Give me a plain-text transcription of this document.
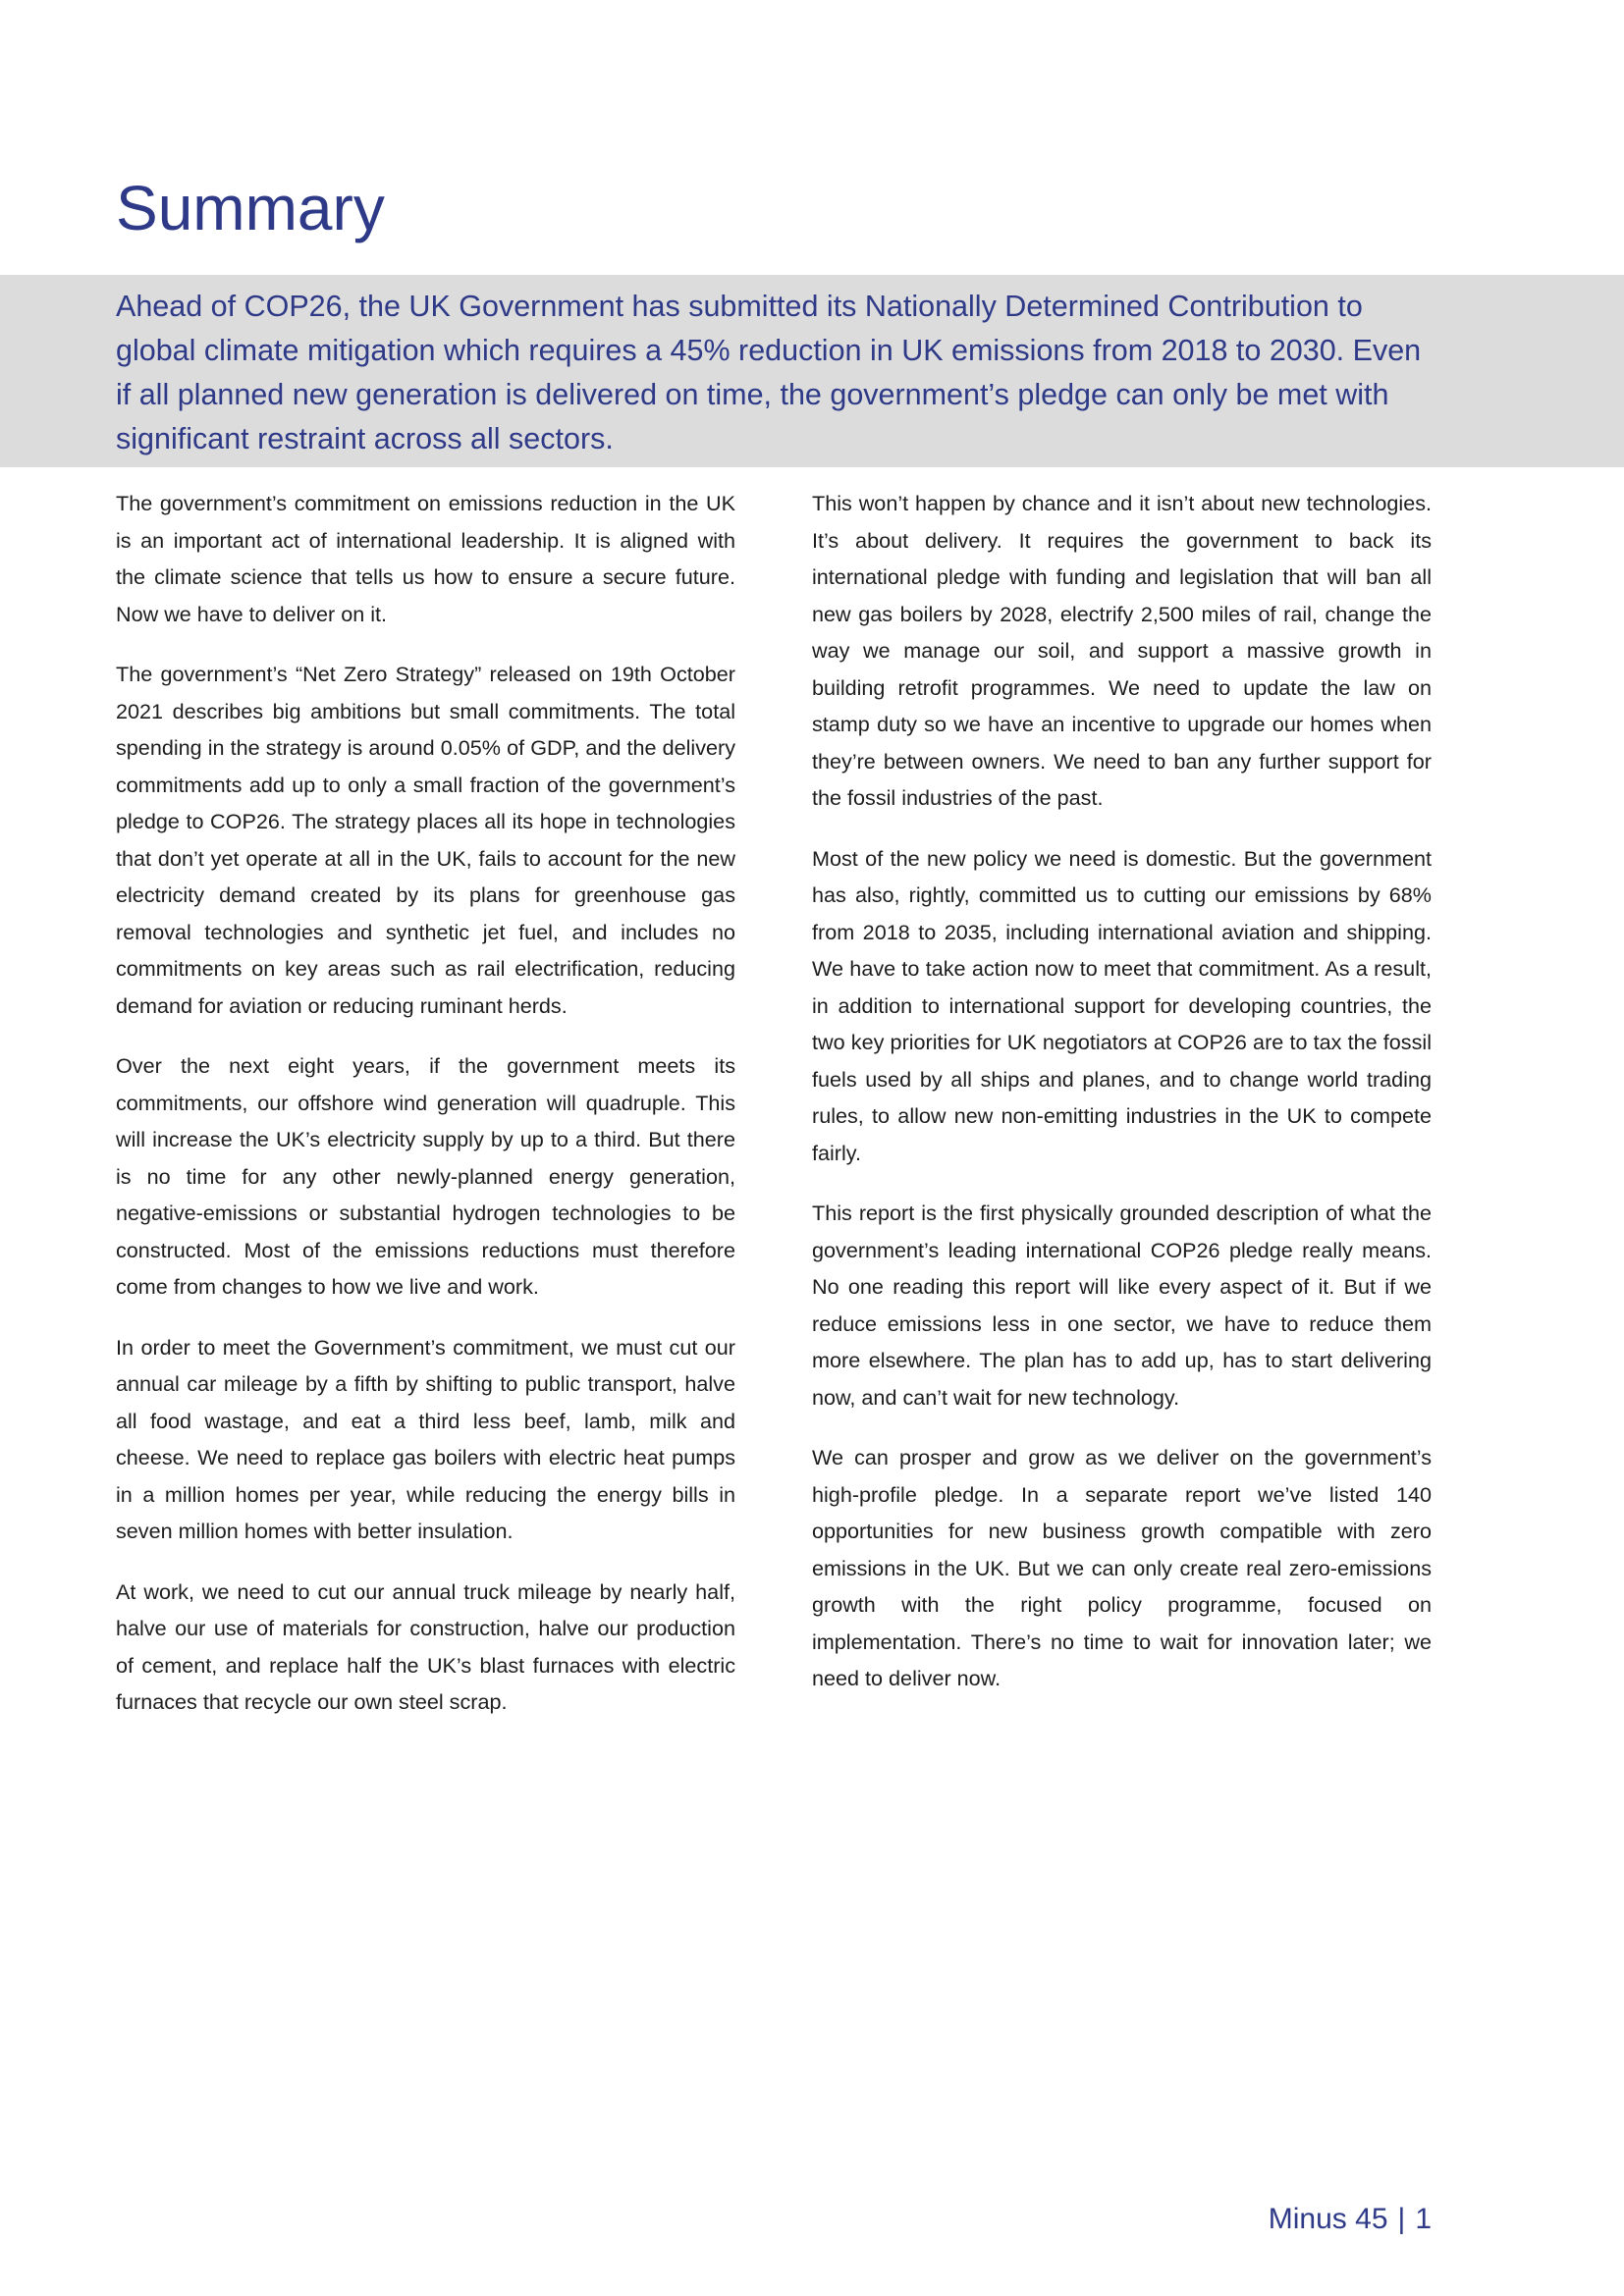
Summary

Ahead of COP26, the UK Government has submitted its Nationally Determined Contribution to global climate mitigation which requires a 45% reduction in UK emissions from 2018 to 2030. Even if all planned new generation is delivered on time, the government’s pledge can only be met with significant restraint across all sectors.

The government’s commitment on emissions reduction in the UK is an important act of international leadership. It is aligned with the climate science that tells us how to ensure a secure future. Now we have to deliver on it.

The government’s “Net Zero Strategy” released on 19th October 2021 describes big ambitions but small commitments. The total spending in the strategy is around 0.05% of GDP, and the delivery commitments add up to only a small fraction of the government’s pledge to COP26. The strategy places all its hope in technologies that don’t yet operate at all in the UK, fails to account for the new electricity demand created by its plans for greenhouse gas removal technologies and synthetic jet fuel, and includes no commitments on key areas such as rail electrification, reducing demand for aviation or reducing ruminant herds.

Over the next eight years, if the government meets its commitments, our offshore wind generation will quadruple. This will increase the UK’s electricity supply by up to a third. But there is no time for any other newly-planned energy generation, negative-emissions or substantial hydrogen technologies to be constructed. Most of the emissions reductions must therefore come from changes to how we live and work.

In order to meet the Government’s commitment, we must cut our annual car mileage by a fifth by shifting to public transport, halve all food wastage, and eat a third less beef, lamb, milk and cheese. We need to replace gas boilers with electric heat pumps in a million homes per year, while reducing the energy bills in seven million homes with better insulation.

At work, we need to cut our annual truck mileage by nearly half, halve our use of materials for construction, halve our production of cement, and replace half the UK’s blast furnaces with electric furnaces that recycle our own steel scrap.

This won’t happen by chance and it isn’t about new technologies. It’s about delivery. It requires the government to back its international pledge with funding and legislation that will ban all new gas boilers by 2028, electrify 2,500 miles of rail, change the way we manage our soil, and support a massive growth in building retrofit programmes. We need to update the law on stamp duty so we have an incentive to upgrade our homes when they’re between owners. We need to ban any further support for the fossil industries of the past.

Most of the new policy we need is domestic. But the government has also, rightly, committed us to cutting our emissions by 68% from 2018 to 2035, including international aviation and shipping. We have to take action now to meet that commitment. As a result, in addition to international support for developing countries, the two key priorities for UK negotiators at COP26 are to tax the fossil fuels used by all ships and planes, and to change world trading rules, to allow new non-emitting industries in the UK to compete fairly.

This report is the first physically grounded description of what the government’s leading international COP26 pledge really means. No one reading this report will like every aspect of it. But if we reduce emissions less in one sector, we have to reduce them more elsewhere. The plan has to add up, has to start delivering now, and can’t wait for new technology.

We can prosper and grow as we deliver on the government’s high-profile pledge. In a separate report we’ve listed 140 opportunities for new business growth compatible with zero emissions in the UK. But we can only create real zero-emissions growth with the right policy programme, focused on implementation. There’s no time to wait for innovation later; we need to deliver now.

Minus 45 | 1
